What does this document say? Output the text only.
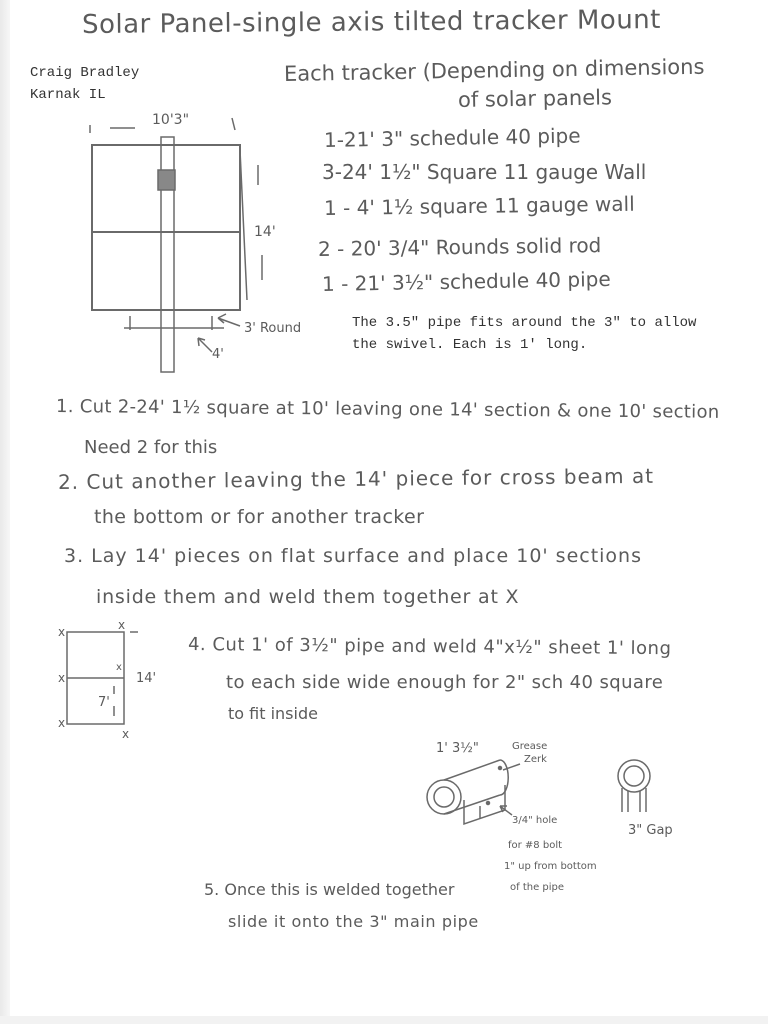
Solar Panel-single axis tilted tracker Mount
Craig Bradley
Karnak IL
Each tracker (Depending on dimensions
of solar panels
1-21' 3" schedule 40 pipe
3-24' 1½" Square 11 gauge Wall
1 - 4' 1½ square 11 gauge wall
2 - 20' 3/4" Rounds solid rod
1 - 21' 3½" schedule 40 pipe
The 3.5" pipe fits around the 3" to allow
the swivel. Each is 1' long.
10'3"
14'
3' Round
4'
1. Cut 2-24' 1½ square at 10' leaving one 14' section & one 10' section
Need 2 for this
2. Cut another leaving the 14' piece for cross beam at
the bottom or for another tracker
3. Lay 14' pieces on flat surface and place 10' sections
inside them and weld them together at X
x	x
x
x
x
x
14'
7'
4. Cut 1' of 3½" pipe and weld 4"x½" sheet 1' long
to each side wide enough for 2" sch 40 square
to fit inside
1' 3½"	Grease
Zerk
3/4" hole
for #8 bolt
1" up from bottom
of the pipe
3" Gap
5. Once this is welded together
slide it onto the 3" main pipe
